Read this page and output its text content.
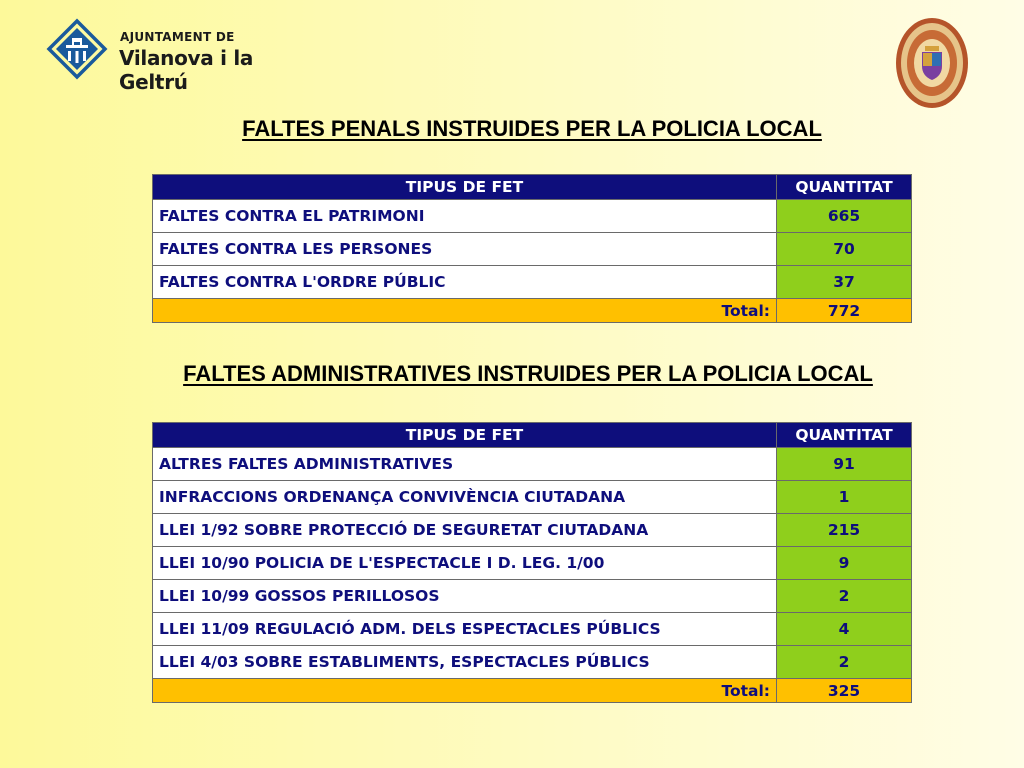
AJUNTAMENT DE
Vilanova i la Geltrú
FALTES PENALS INSTRUIDES PER LA POLICIA LOCAL
TIPUS DE FET	QUANTITAT
FALTES CONTRA EL PATRIMONI	665
FALTES CONTRA LES PERSONES	70
FALTES CONTRA L'ORDRE PÚBLIC	37
Total:	772
FALTES ADMINISTRATIVES INSTRUIDES PER LA POLICIA LOCAL
TIPUS DE FET	QUANTITAT
ALTRES FALTES ADMINISTRATIVES	91
INFRACCIONS ORDENANÇA CONVIVÈNCIA CIUTADANA	1
LLEI 1/92 SOBRE PROTECCIÓ DE SEGURETAT CIUTADANA	215
LLEI 10/90 POLICIA DE L'ESPECTACLE I D. LEG. 1/00	9
LLEI 10/99 GOSSOS PERILLOSOS	2
LLEI 11/09 REGULACIÓ ADM. DELS ESPECTACLES PÚBLICS	4
LLEI 4/03 SOBRE ESTABLIMENTS, ESPECTACLES PÚBLICS	2
Total:	325
